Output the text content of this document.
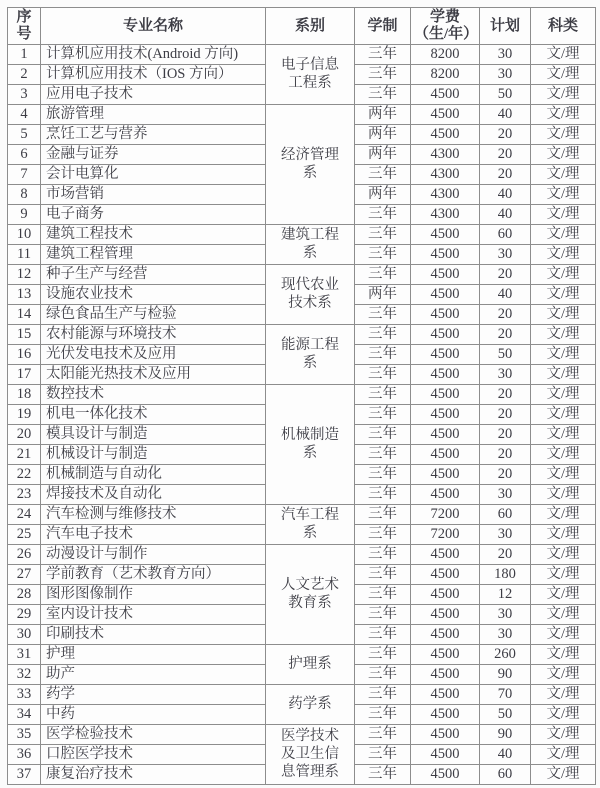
序号	专业名称	系别	学制	学费（生/年）	计划	科类
1	计算机应用技术(Android 方向)	电子信息工程系	三年	8200	30	文/理
2	计算机应用技术（IOS 方向）		三年	8200	30	文/理
3	应用电子技术		三年	4500	50	文/理
4	旅游管理	经济管理系	两年	4500	40	文/理
5	烹饪工艺与营养		两年	4500	20	文/理
6	金融与证券		两年	4300	20	文/理
7	会计电算化		三年	4300	20	文/理
8	市场营销		两年	4300	40	文/理
9	电子商务		三年	4300	40	文/理
10	建筑工程技术	建筑工程系	三年	4500	60	文/理
11	建筑工程管理		三年	4500	30	文/理
12	种子生产与经营	现代农业技术系	三年	4500	20	文/理
13	设施农业技术		两年	4500	40	文/理
14	绿色食品生产与检验		三年	4500	20	文/理
15	农村能源与环境技术	能源工程系	三年	4500	20	文/理
16	光伏发电技术及应用		三年	4500	50	文/理
17	太阳能光热技术及应用		三年	4500	30	文/理
18	数控技术	机械制造系	三年	4500	20	文/理
19	机电一体化技术		三年	4500	20	文/理
20	模具设计与制造		三年	4500	20	文/理
21	机械设计与制造		三年	4500	20	文/理
22	机械制造与自动化		三年	4500	20	文/理
23	焊接技术及自动化		三年	4500	30	文/理
24	汽车检测与维修技术	汽车工程系	三年	7200	60	文/理
25	汽车电子技术		三年	7200	30	文/理
26	动漫设计与制作	人文艺术教育系	三年	4500	20	文/理
27	学前教育（艺术教育方向）		三年	4500	180	文/理
28	图形图像制作		三年	4500	12	文/理
29	室内设计技术		三年	4500	30	文/理
30	印刷技术		三年	4500	30	文/理
31	护理	护理系	三年	4500	260	文/理
32	助产		三年	4500	90	文/理
33	药学	药学系	三年	4500	70	文/理
34	中药		三年	4500	50	文/理
35	医学检验技术	医学技术及卫生信息管理系	三年	4500	90	文/理
36	口腔医学技术		三年	4500	40	文/理
37	康复治疗技术		三年	4500	60	文/理
